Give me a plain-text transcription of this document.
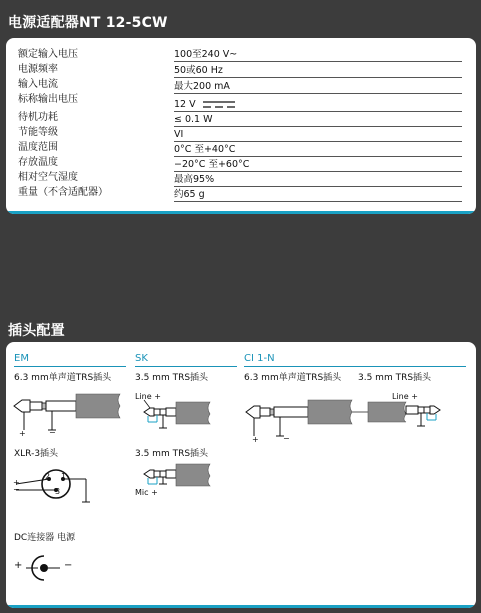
电源适配器NT 12-5CW
额定输入电压	100至240 V~
电源频率	50或60 Hz
输入电流	最大200 mA
标称输出电压	12 V
待机功耗	≤ 0.1 W
节能等级	VI
温度范围	0°C 至+40°C
存放温度	−20°C 至+60°C
相对空气湿度	最高95%
重量（不含适配器）	约65 g
插头配置
EM	SK	CI 1-N
6.3 mm单声道TRS插头	3.5 mm TRS插头	6.3 mm单声道TRS插头 3.5 mm TRS插头
+	−
Line +
+	−
Line +
XLR-3插头
+
−
2 1
3
3.5 mm TRS插头
Mic +
DC连接器 电源
+	−
